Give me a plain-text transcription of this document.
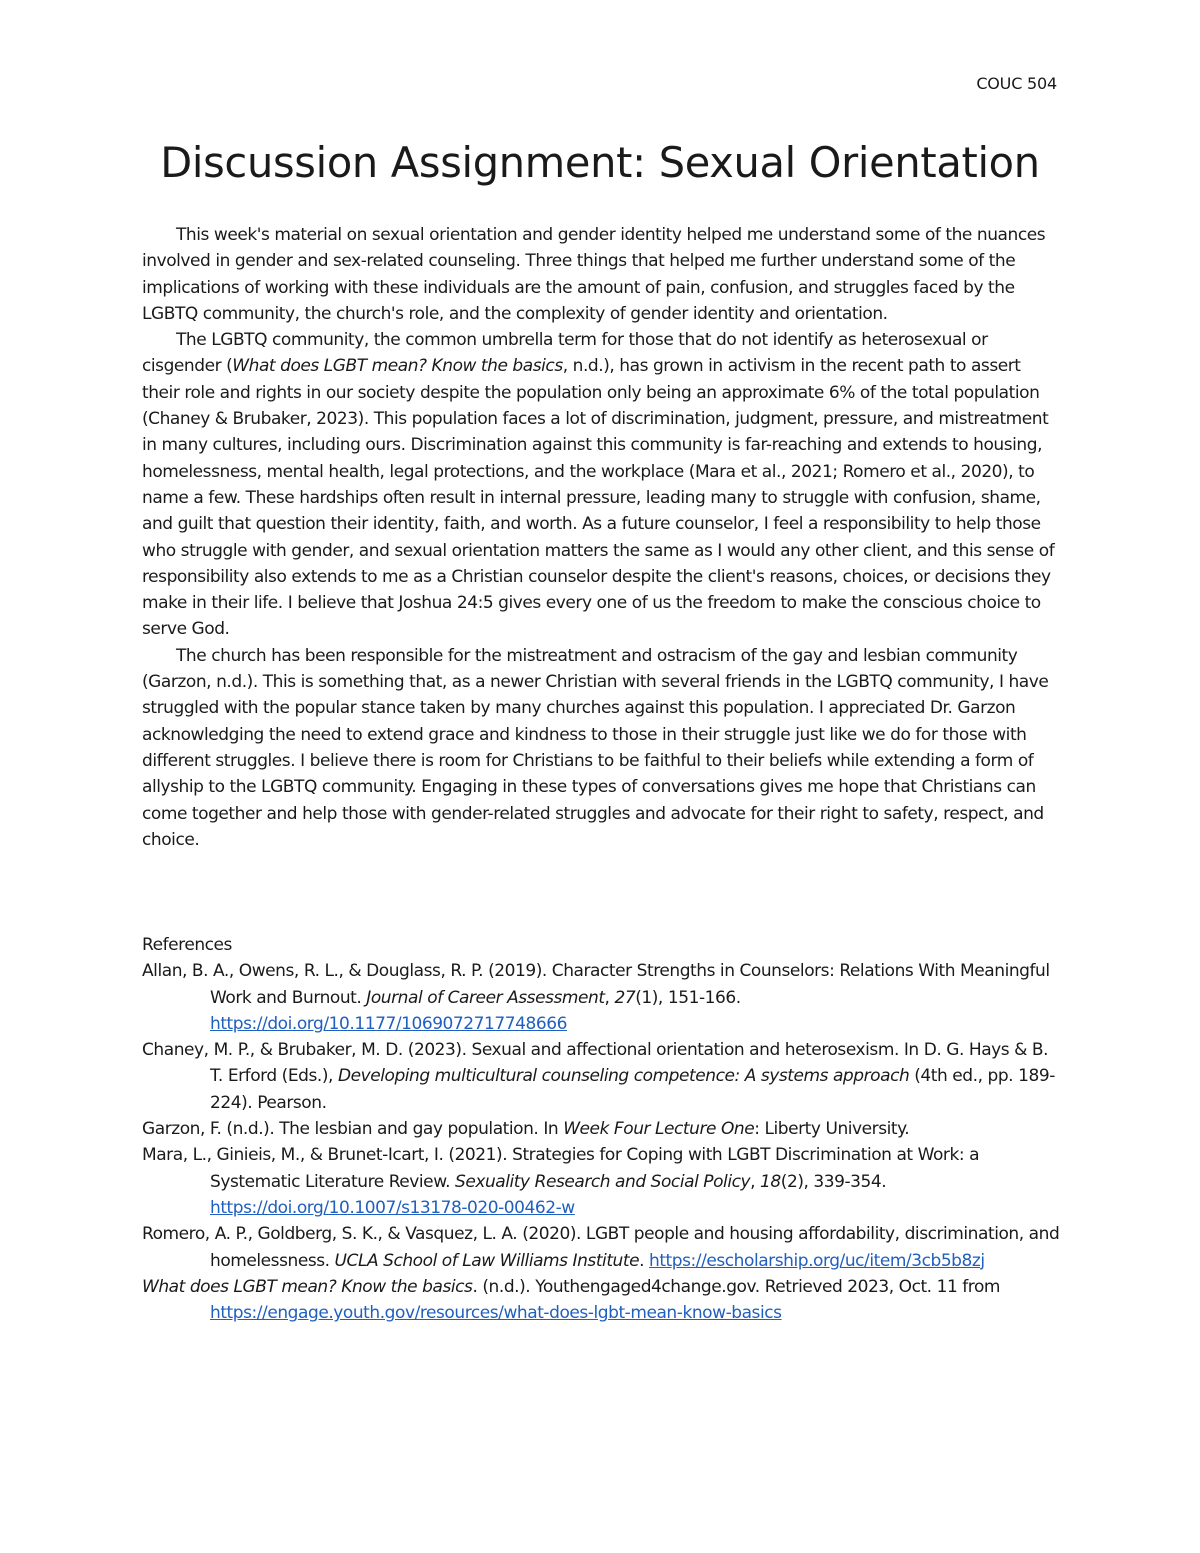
COUC 504
Discussion Assignment: Sexual Orientation

This week's material on sexual orientation and gender identity helped me understand some of the nuances involved in gender and sex-related counseling. Three things that helped me further understand some of the implications of working with these individuals are the amount of pain, confusion, and struggles faced by the LGBTQ community, the church's role, and the complexity of gender identity and orientation.

The LGBTQ community, the common umbrella term for those that do not identify as heterosexual or cisgender (What does LGBT mean? Know the basics, n.d.), has grown in activism in the recent path to assert their role and rights in our society despite the population only being an approximate 6% of the total population (Chaney & Brubaker, 2023). This population faces a lot of discrimination, judgment, pressure, and mistreatment in many cultures, including ours. Discrimination against this community is far-reaching and extends to housing, homelessness, mental health, legal protections, and the workplace (Mara et al., 2021; Romero et al., 2020), to name a few. These hardships often result in internal pressure, leading many to struggle with confusion, shame, and guilt that question their identity, faith, and worth. As a future counselor, I feel a responsibility to help those who struggle with gender, and sexual orientation matters the same as I would any other client, and this sense of responsibility also extends to me as a Christian counselor despite the client's reasons, choices, or decisions they make in their life. I believe that Joshua 24:5 gives every one of us the freedom to make the conscious choice to serve God.

The church has been responsible for the mistreatment and ostracism of the gay and lesbian community (Garzon, n.d.). This is something that, as a newer Christian with several friends in the LGBTQ community, I have struggled with the popular stance taken by many churches against this population. I appreciated Dr. Garzon acknowledging the need to extend grace and kindness to those in their struggle just like we do for those with different struggles. I believe there is room for Christians to be faithful to their beliefs while extending a form of allyship to the LGBTQ community. Engaging in these types of conversations gives me hope that Christians can come together and help those with gender-related struggles and advocate for their right to safety, respect, and choice.

References

Allan, B. A., Owens, R. L., & Douglass, R. P. (2019). Character Strengths in Counselors: Relations With Meaningful Work and Burnout. Journal of Career Assessment, 27(1), 151-166. https://doi.org/10.1177/1069072717748666

Chaney, M. P., & Brubaker, M. D. (2023). Sexual and affectional orientation and heterosexism. In D. G. Hays & B. T. Erford (Eds.), Developing multicultural counseling competence: A systems approach (4th ed., pp. 189-224). Pearson.

Garzon, F. (n.d.). The lesbian and gay population. In Week Four Lecture One: Liberty University.

Mara, L., Ginieis, M., & Brunet-Icart, I. (2021). Strategies for Coping with LGBT Discrimination at Work: a Systematic Literature Review. Sexuality Research and Social Policy, 18(2), 339-354. https://doi.org/10.1007/s13178-020-00462-w

Romero, A. P., Goldberg, S. K., & Vasquez, L. A. (2020). LGBT people and housing affordability, discrimination, and homelessness. UCLA School of Law Williams Institute. https://escholarship.org/uc/item/3cb5b8zj

What does LGBT mean? Know the basics. (n.d.). Youthengaged4change.gov. Retrieved 2023, Oct. 11 from https://engage.youth.gov/resources/what-does-lgbt-mean-know-basics
